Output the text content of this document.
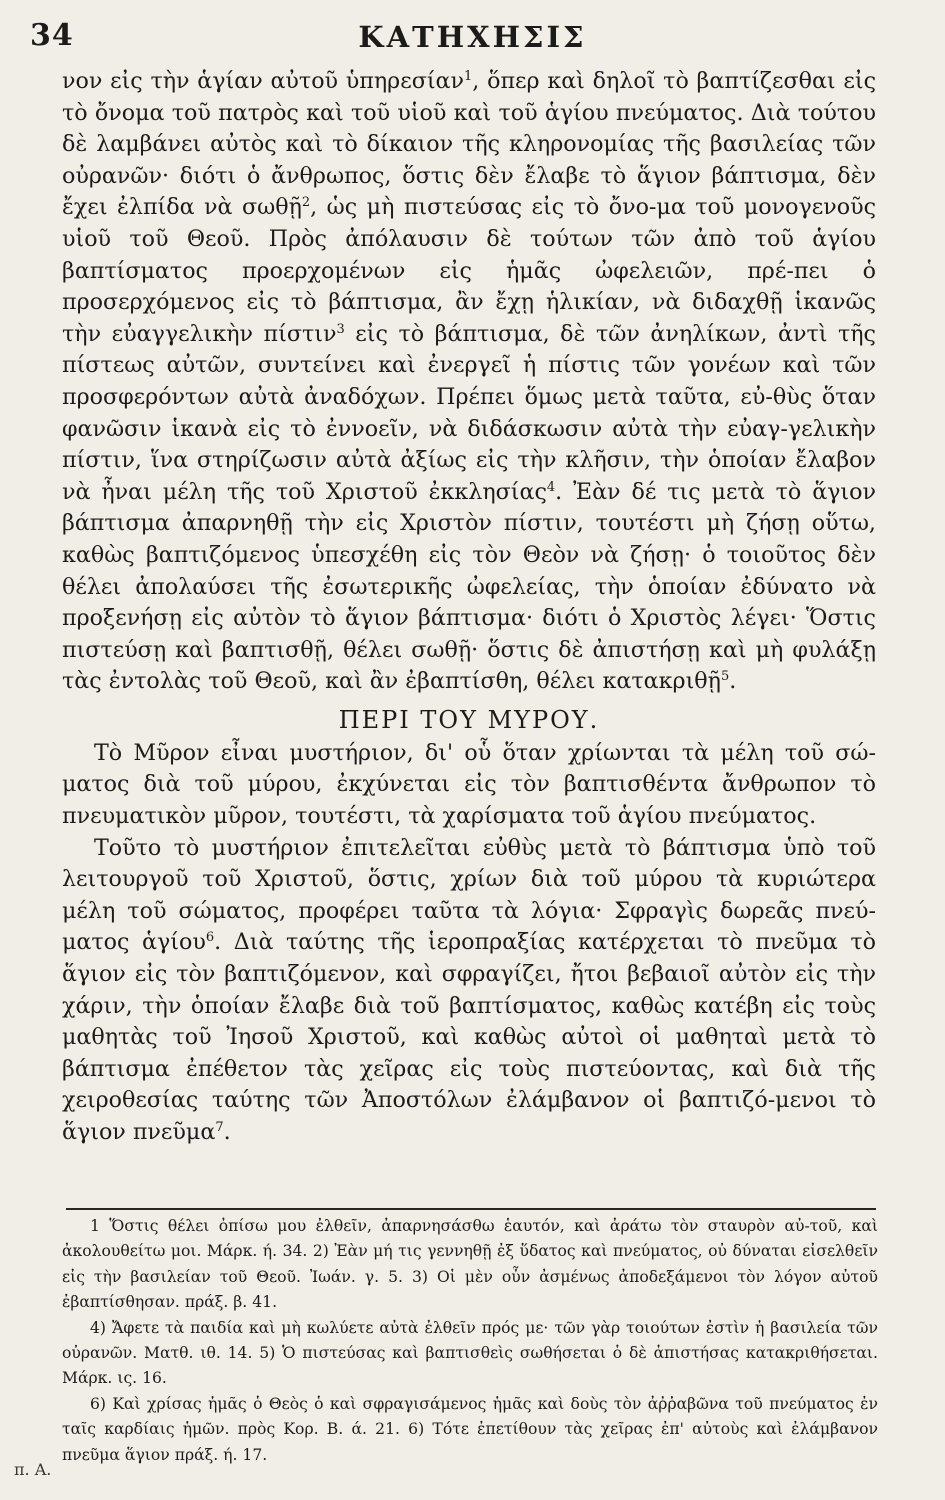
34	ΚΑΤΗΧΗΣΙΣ

νον εἰς τὴν ἁγίαν αὐτοῦ ὑπηρεσίαν$^1$, ὅπερ καὶ δηλοῖ τὸ βαπτίζεσθαι εἰς τὸ ὄνομα τοῦ πατρὸς καὶ τοῦ υἱοῦ καὶ τοῦ ἁγίου πνεύματος. Διὰ τούτου δὲ λαμβάνει αὐτὸς καὶ τὸ δίκαιον τῆς κληρονομίας τῆς βασιλείας τῶν οὐρανῶν· διότι ὁ ἄνθρωπος, ὅστις δὲν ἔλαβε τὸ ἅγιον βάπτισμα, δὲν ἔχει ἐλπίδα νὰ σωθῇ$^2$, ὡς μὴ πιστεύσας εἰς τὸ ὄνο-μα τοῦ μονογενοῦς υἱοῦ τοῦ Θεοῦ. Πρὸς ἀπόλαυσιν δὲ τούτων τῶν ἀπὸ τοῦ ἁγίου βαπτίσματος προερχομένων εἰς ἡμᾶς ὠφελειῶν, πρέ-πει ὁ προσερχόμενος εἰς τὸ βάπτισμα, ἂν ἔχῃ ἡλικίαν, νὰ διδαχθῇ ἱκανῶς τὴν εὐαγγελικὴν πίστιν$^3$ εἰς τὸ βάπτισμα, δὲ τῶν ἀνηλίκων, ἀντὶ τῆς πίστεως αὐτῶν, συντείνει καὶ ἐνεργεῖ ἡ πίστις τῶν γονέων καὶ τῶν προσφερόντων αὐτὰ ἀναδόχων. Πρέπει ὅμως μετὰ ταῦτα, εὐ-θὺς ὅταν φανῶσιν ἱκανὰ εἰς τὸ ἐννοεῖν, νὰ διδάσκωσιν αὐτὰ τὴν εὐαγ-γελικὴν πίστιν, ἵνα στηρίζωσιν αὐτὰ ἀξίως εἰς τὴν κλῆσιν, τὴν ὁποίαν ἔλαβον νὰ ἦναι μέλη τῆς τοῦ Χριστοῦ ἐκκλησίας$^4$. Ἐὰν δέ τις μετὰ τὸ ἅγιον βάπτισμα ἀπαρνηθῇ τὴν εἰς Χριστὸν πίστιν, τουτέστι μὴ ζήσῃ οὕτω, καθὼς βαπτιζόμενος ὑπεσχέθη εἰς τὸν Θεὸν νὰ ζήσῃ· ὁ τοιοῦτος δὲν θέλει ἀπολαύσει τῆς ἐσωτερικῆς ὠφελείας, τὴν ὁποίαν ἐδύνατο νὰ προξενήσῃ εἰς αὐτὸν τὸ ἅγιον βάπτισμα· διότι ὁ Χριστὸς λέγει· Ὅστις πιστεύσῃ καὶ βαπτισθῇ, θέλει σωθῇ· ὅστις δὲ ἀπιστήσῃ καὶ μὴ φυλάξῃ τὰς ἐντολὰς τοῦ Θεοῦ, καὶ ἂν ἐβαπτίσθη, θέλει κατακριθῇ$^5$.

ΠΕΡΙ ΤΟΥ ΜΥΡΟΥ.

Τὸ Μῦρον εἶναι μυστήριον, δι' οὗ ὅταν χρίωνται τὰ μέλη τοῦ σώ-ματος διὰ τοῦ μύρου, ἐκχύνεται εἰς τὸν βαπτισθέντα ἄνθρωπον τὸ πνευματικὸν μῦρον, τουτέστι, τὰ χαρίσματα τοῦ ἁγίου πνεύματος.

Τοῦτο τὸ μυστήριον ἐπιτελεῖται εὐθὺς μετὰ τὸ βάπτισμα ὑπὸ τοῦ λειτουργοῦ τοῦ Χριστοῦ, ὅστις, χρίων διὰ τοῦ μύρου τὰ κυριώτερα μέλη τοῦ σώματος, προφέρει ταῦτα τὰ λόγια· Σφραγὶς δωρεᾶς πνεύ-ματος ἁγίου$^6$. Διὰ ταύτης τῆς ἱεροπραξίας κατέρχεται τὸ πνεῦμα τὸ ἅγιον εἰς τὸν βαπτιζόμενον, καὶ σφραγίζει, ἤτοι βεβαιοῖ αὐτὸν εἰς τὴν χάριν, τὴν ὁποίαν ἔλαβε διὰ τοῦ βαπτίσματος, καθὼς κατέβη εἰς τοὺς μαθητὰς τοῦ Ἰησοῦ Χριστοῦ, καὶ καθὼς αὐτοὶ οἱ μαθηταὶ μετὰ τὸ βάπτισμα ἐπέθετον τὰς χεῖρας εἰς τοὺς πιστεύοντας, καὶ διὰ τῆς χειροθεσίας ταύτης τῶν Ἀποστόλων ἐλάμβανον οἱ βαπτιζό-μενοι τὸ ἅγιον πνεῦμα$^7$.

1 Ὅστις θέλει ὀπίσω μου ἐλθεῖν, ἀπαρνησάσθω ἑαυτόν, καὶ ἀράτω τὸν σταυρὸν αὐ-τοῦ, καὶ ἀκολουθείτω μοι. Μάρκ. ή. 34. 2) Ἐὰν μή τις γεννηθῇ ἐξ ὕδατος καὶ πνεύματος, οὐ δύναται εἰσελθεῖν εἰς τὴν βασιλείαν τοῦ Θεοῦ. Ἰωάν. γ. 5. 3) Οἱ μὲν οὖν ἀσμένως ἀποδεξάμενοι τὸν λόγον αὐτοῦ ἐβαπτίσθησαν. πράξ. β. 41.

4) Ἄφετε τὰ παιδία καὶ μὴ κωλύετε αὐτὰ ἐλθεῖν πρός με· τῶν γὰρ τοιούτων ἐστὶν ἡ βασιλεία τῶν οὐρανῶν. Ματθ. ιθ. 14. 5) Ὁ πιστεύσας καὶ βαπτισθεὶς σωθήσεται ὁ δὲ ἀπιστήσας κατακριθήσεται. Μάρκ. ις. 16.

6) Καὶ χρίσας ἡμᾶς ὁ Θεὸς ὁ καὶ σφραγισάμενος ἡμᾶς καὶ δοὺς τὸν ἀῤῥαβῶνα τοῦ πνεύματος ἐν ταῖς καρδίαις ἡμῶν. πρὸς Κορ. Β. ά. 21. 6) Τότε ἐπετίθουν τὰς χεῖρας ἐπ' αὐτοὺς καὶ ἐλάμβανον πνεῦμα ἅγιον πράξ. ή. 17.

π. Α.
